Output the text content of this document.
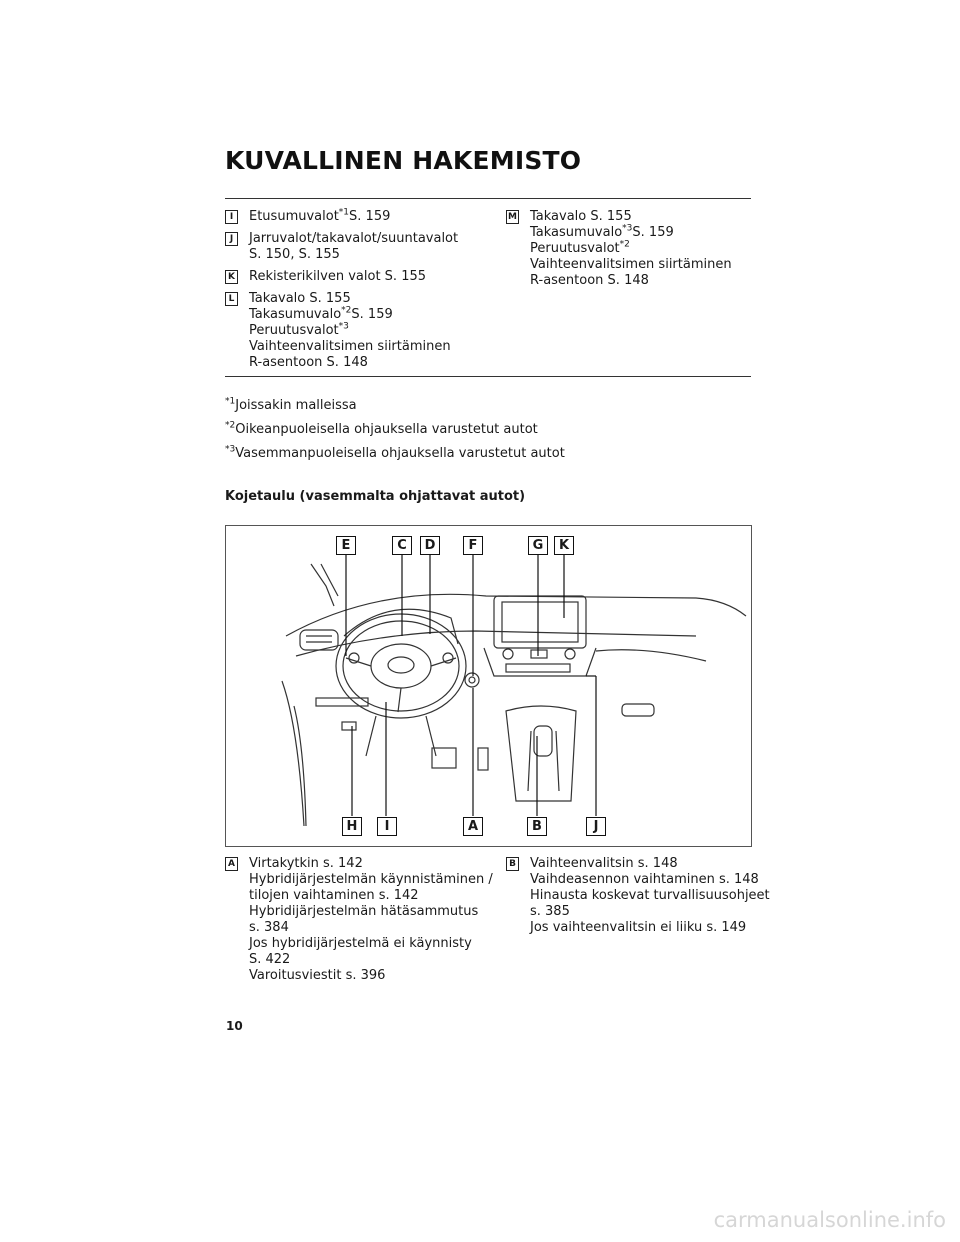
KUVALLINEN HAKEMISTO
I	Etusumuvalot$^{*1}$S. 159
J	Jarruvalot/takavalot/suuntavalot
S. 150, S. 155
K Rekisterikilven valot S. 155
L Takavalo S. 155
Takasumuvalo$^{*2}$S. 159
Peruutusvalot$^{*3}$
Vaihteenvalitsimen siirtäminen
R-asentoon S. 148
M Takavalo S. 155
Takasumuvalo$^{*3}$S. 159
Peruutusvalot$^{*2}$
Vaihteenvalitsimen siirtäminen
R-asentoon S. 148
$^{*1}$Joissakin malleissa
$^{*2}$Oikeanpuoleisella ohjauksella varustetut autot
$^{*3}$Vasemmanpuoleisella ohjauksella varustetut autot
Kojetaulu (vasemmalta ohjattavat autot)
E	C	D	F	G	K
H	I	A	B	J
A Virtakytkin s. 142
Hybridijärjestelmän käynnistäminen /
tilojen vaihtaminen s. 142
Hybridijärjestelmän hätäsammutus
s. 384
Jos hybridijärjestelmä ei käynnisty
S. 422
Varoitusviestit s. 396
B Vaihteenvalitsin s. 148
Vaihdeasennon vaihtaminen s. 148
Hinausta koskevat turvallisuusohjeet
s. 385
Jos vaihteenvalitsin ei liiku s. 149
10
carmanualsonline.info
